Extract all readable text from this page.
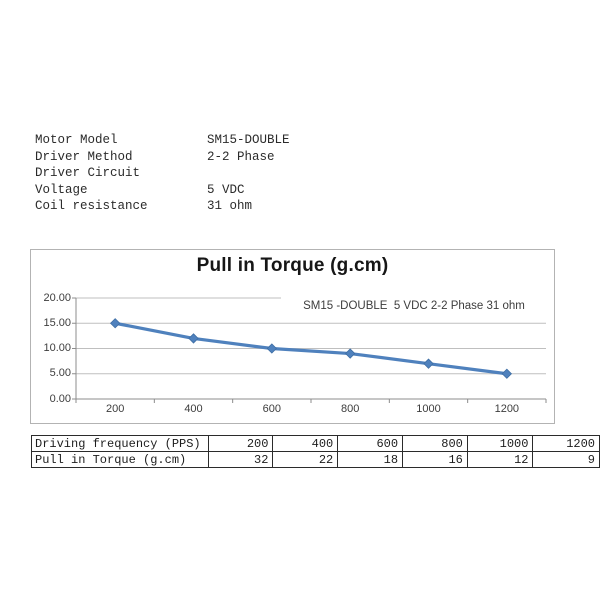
Motor Model	SM15-DOUBLE
Driver Method	2-2 Phase
Driver Circuit
Voltage	5 VDC
Coil resistance	31 ohm
Pull in Torque (g.cm)
SM15 -DOUBLE  5 VDC 2-2 Phase 31 ohm
20.00
15.00
10.00
5.00
0.00
200	400	600	800	1000	1200
Driving frequency (PPS)	200	400	600	800	1000	1200
Pull in Torque (g.cm)	32	22	18	16	12	9
